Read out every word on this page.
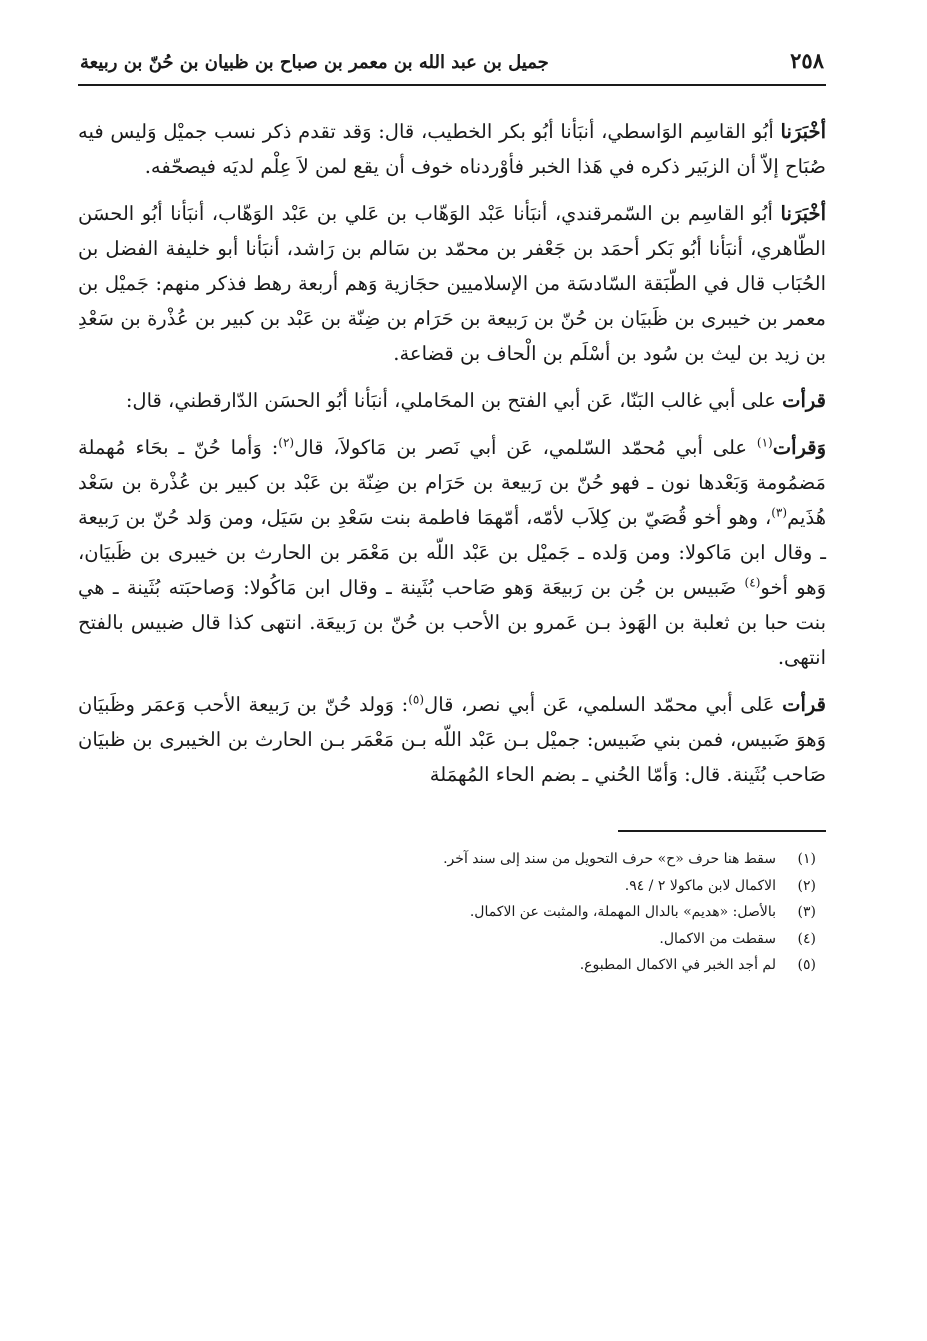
٢٥٨
جميل بن عبد الله بن معمر بن صباح بن ظبيان بن حُنّ بن ربيعة

أخْبَرَنا أبُو القاسِم الوَاسطي، أنبَأنا أبُو بكر الخطيب، قال: وَقد تقدم ذكر نسب جميْل وَليس فيه صُبَاح إلاّ أن الزبَير ذكره في هَذا الخبر فأوْردناه خوف أن يقع لمن لاَ عِلْم لديَه فيصحّفه.

أخْبَرَنا أبُو القاسِم بن السّمرقندي، أنبَأنا عَبْد الوَهّاب بن عَلي بن عَبْد الوَهّاب، أنبَأنا أبُو الحسَن الطّاهري، أنبَأنا أبُو بَكر أحمَد بن جَعْفر بن محمّد بن سَالم بن رَاشد، أنبَأنا أبو خليفة الفضل بن الحُبَاب قال في الطّبَقة السّادسَة من الإسلاميين حجَازية وَهم أربعة رهط فذكر منهم: جَميْل بن معمر بن خيبرى بن ظَبيَان بن حُنّ بن رَبيعة بن حَرَام بن ضِنّة بن عَبْد بن كبير بن عُذْرة بن سَعْدِ بن زيد بن ليث بن سُود بن أسْلَم بن الْحاف بن قضاعة.

قرأت على أبي غالب البَنّا، عَن أبي الفتح بن المحَاملي، أنبَأنا أبُو الحسَن الدّارقطني، قال:

وَقرأت$^{(١)}$ على أبي مُحمّد السّلمي، عَن أبي نَصر بن مَاكولاَ، قال$^{(٢)}$: وَأما حُنّ ـ بحَاء مُهملة مَضمُومة وَبَعْدها نون ـ فهو حُنّ بن رَبيعة بن حَرَام بن ضِنّة بن عَبْد بن كبير بن عُذْرة بن سَعْد هُذَيم$^{(٣)}$، وهو أخو قُصَيّ بن كِلاَب لأمّه، أمّهمَا فاطمة بنت سَعْدِ بن سَيَل، ومن وَلد حُنّ بن رَبيعة ـ وقال ابن مَاكولا: ومن وَلده ـ جَميْل بن عَبْد اللّه بن مَعْمَر بن الحارث بن خيبرى بن ظَبيَان، وَهو أخو$^{(٤)}$ ضَبيس بن جُن بن رَبيعَة وَهو صَاحب بُثَينة ـ وقال ابن مَاكُولا: وَصاحبَته بُثَينة ـ هي بنت حبا بن ثعلبة بن الهَوذ بـن عَمرو بن الأحب بن حُنّ بن رَبيعَة. انتهى كذا قال ضبيس بالفتح انتهى.

قرأت عَلى أبي محمّد السلمي، عَن أبي نصر، قال$^{(٥)}$: وَولد حُنّ بن رَبيعة الأحب وَعمَر وظَبيَان وَهوَ ضَبيس، فمن بني ضَبيس: جميْل بـن عَبْد اللّه بـن مَعْمَر بـن الحارث بن الخيبرى بن ظبيَان صَاحب بُثَينة. قال: وَأمّا الحُني ـ بضم الحاء المُهمَلة

(١)
سقط هنا حرف «ح» حرف التحويل من سند إلى سند آخر.
(٢)
الاكمال لابن ماكولا ٢ / ٩٤.
(٣)
بالأصل: «هديم» بالدال المهملة، والمثبت عن الاكمال.
(٤)
سقطت من الاكمال.
(٥)
لم أجد الخبر في الاكمال المطبوع.
